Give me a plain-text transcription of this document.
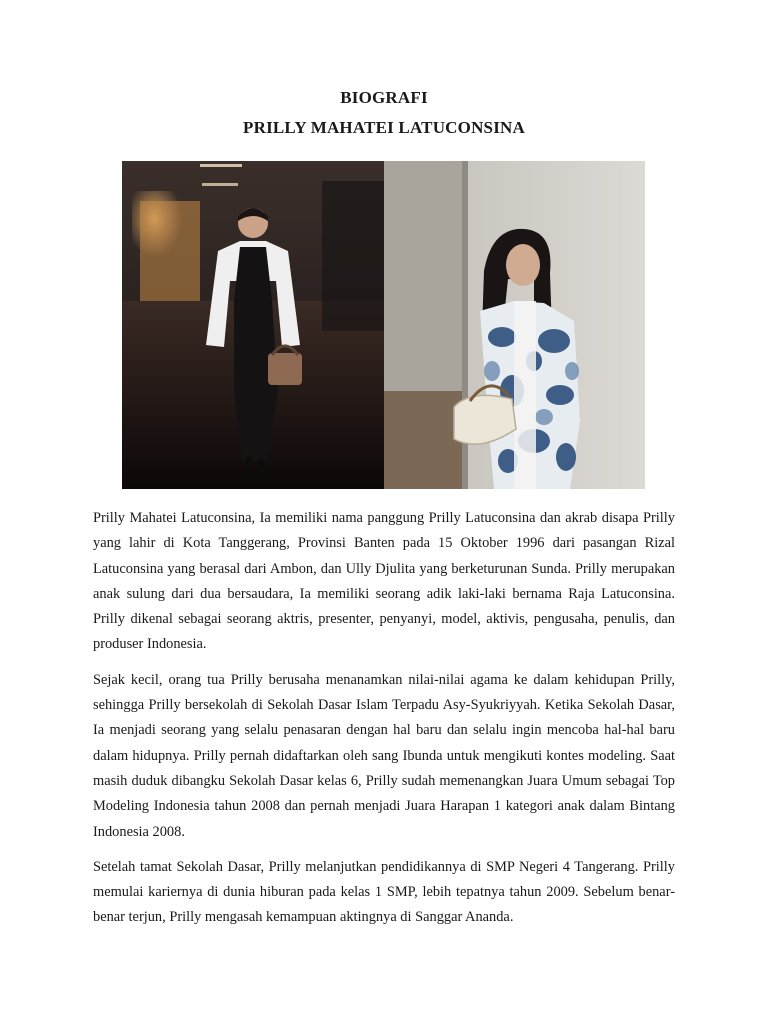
BIOGRAFI
PRILLY MAHATEI LATUCONSINA

Prilly Mahatei Latuconsina, Ia memiliki nama panggung Prilly Latuconsina dan akrab disapa Prilly yang lahir di Kota Tanggerang, Provinsi Banten pada 15 Oktober 1996 dari pasangan Rizal Latuconsina yang berasal dari Ambon, dan Ully Djulita yang berketurunan Sunda. Prilly merupakan anak sulung dari dua bersaudara, Ia memiliki seorang adik laki-laki bernama Raja Latuconsina. Prilly dikenal sebagai seorang aktris, presenter, penyanyi, model, aktivis, pengusaha, penulis, dan produser Indonesia.

Sejak kecil, orang tua Prilly berusaha menanamkan nilai-nilai agama ke dalam kehidupan Prilly, sehingga Prilly bersekolah di Sekolah Dasar Islam Terpadu Asy-Syukriyyah. Ketika Sekolah Dasar, Ia menjadi seorang yang selalu penasaran dengan hal baru dan selalu ingin mencoba hal-hal baru dalam hidupnya. Prilly pernah didaftarkan oleh sang Ibunda untuk mengikuti kontes modeling. Saat masih duduk dibangku Sekolah Dasar kelas 6, Prilly sudah memenangkan Juara Umum sebagai Top Modeling Indonesia tahun 2008 dan pernah menjadi Juara Harapan 1 kategori anak dalam Bintang Indonesia 2008.

Setelah tamat Sekolah Dasar, Prilly melanjutkan pendidikannya di SMP Negeri 4 Tangerang. Prilly memulai kariernya di dunia hiburan pada kelas 1 SMP, lebih tepatnya tahun 2009. Sebelum benar-benar terjun, Prilly mengasah kemampuan aktingnya di Sanggar Ananda.
